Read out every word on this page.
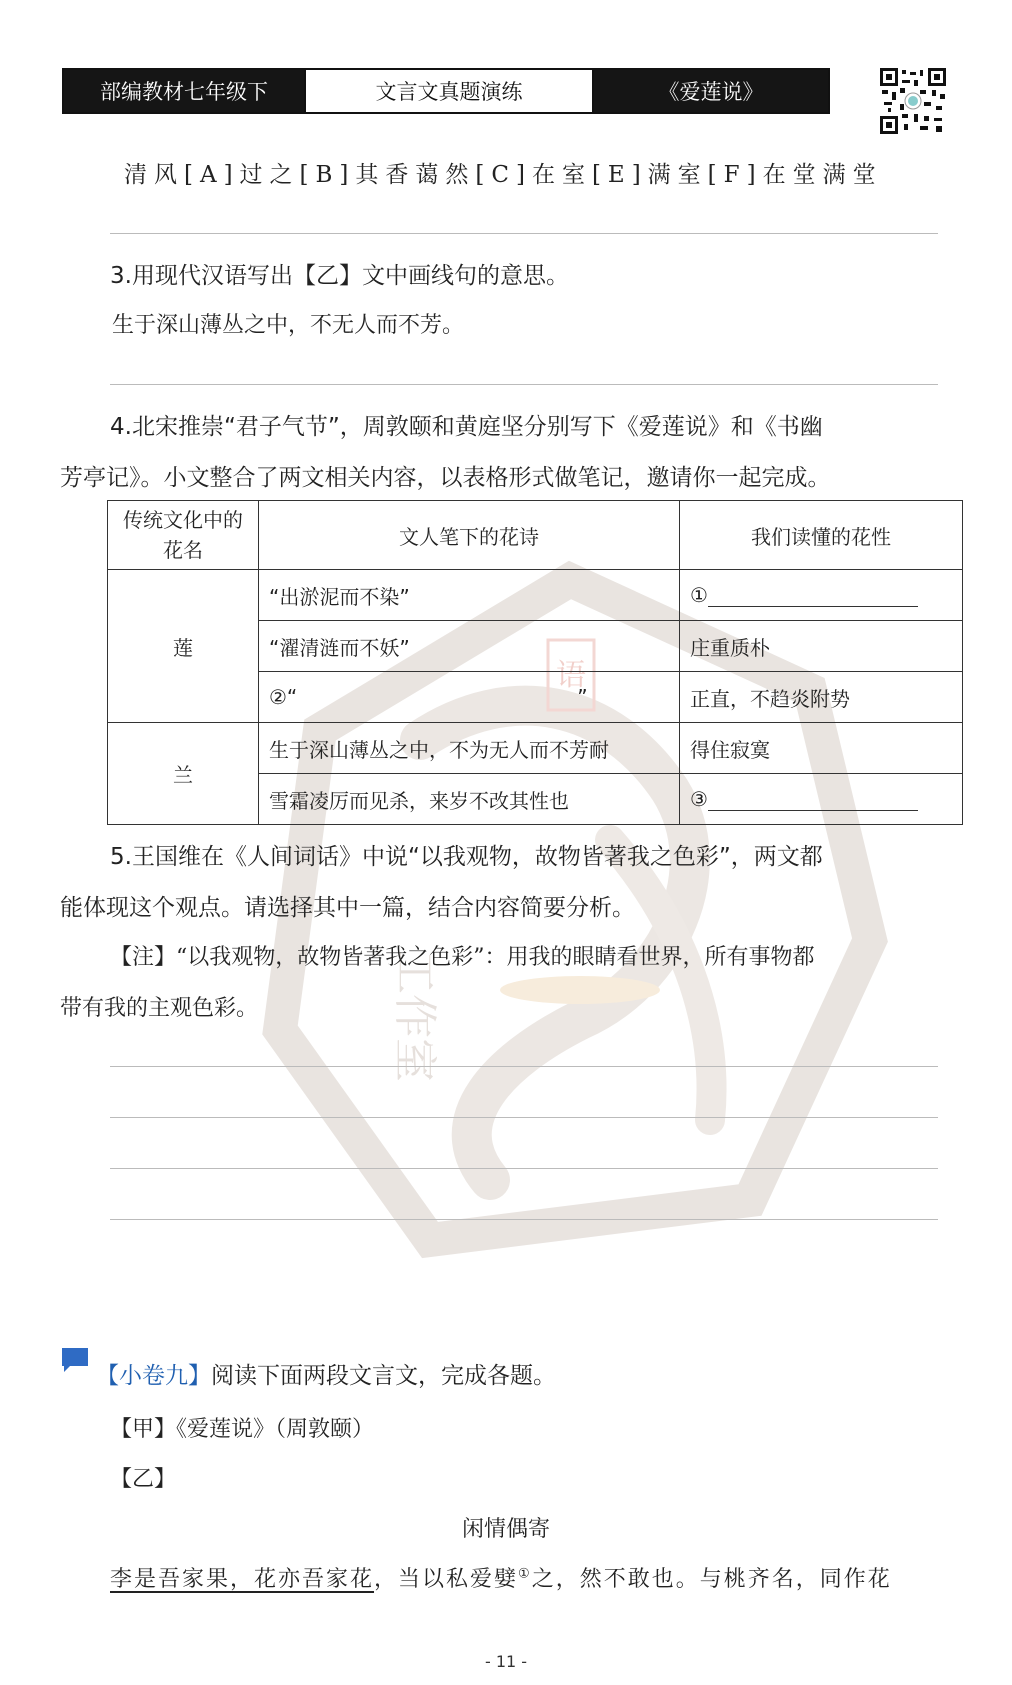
语
工作室
部编教材七年级下	文言文真题演练	《爱莲说》
清风[A]过之[B]其香蔼然[C]在室[E]满室[F]在堂满堂
3.用现代汉语写出【乙】文中画线句的意思。
生于深山薄丛之中，不无人而不芳。
4.北宋推崇“君子气节”，周敦颐和黄庭坚分别写下《爱莲说》和《书幽
芳亭记》。小文整合了两文相关内容，以表格形式做笔记，邀请你一起完成。
传统文化中的花名	文人笔下的花诗	我们读懂的花性
莲	“出淤泥而不染”	①
	“濯清涟而不妖”	庄重质朴
	②“ ”	正直，不趋炎附势
兰	生于深山薄丛之中，不为无人而不芳耐	得住寂寞
	雪霜凌厉而见杀，来岁不改其性也	③
5.王国维在《人间词话》中说“以我观物，故物皆著我之色彩”，两文都
能体现这个观点。请选择其中一篇，结合内容简要分析。
【注】“以我观物，故物皆著我之色彩”：用我的眼睛看世界，所有事物都
带有我的主观色彩。
【小卷九】阅读下面两段文言文，完成各题。
【甲】《爱莲说》（周敦颐）
【乙】
闲情偶寄
李是吾家果，花亦吾家花，当以私爱嬖①之，然不敢也。与桃齐名，同作花
- 11 -
